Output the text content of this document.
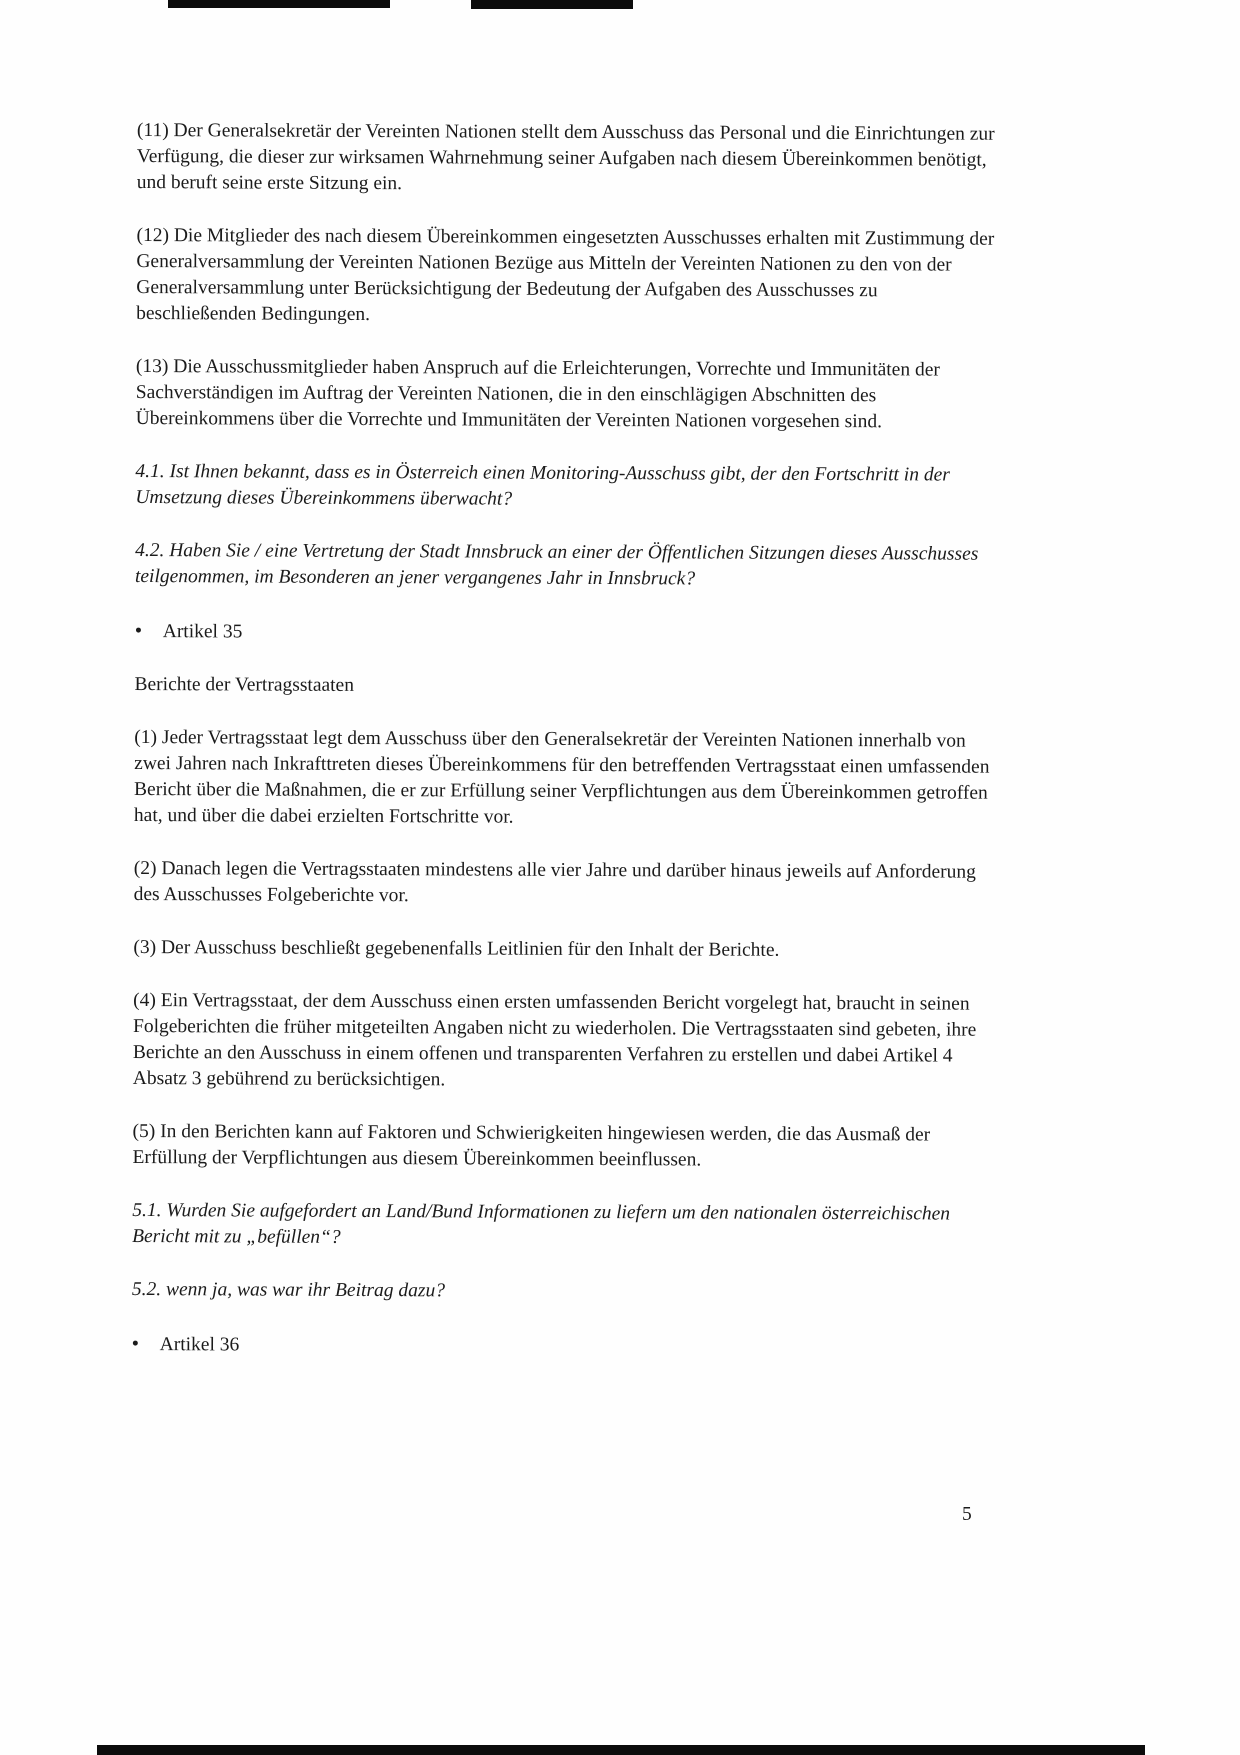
(11) Der Generalsekretär der Vereinten Nationen stellt dem Ausschuss das Personal und die Einrichtungen zur Verfügung, die dieser zur wirksamen Wahrnehmung seiner Aufgaben nach diesem Übereinkommen benötigt, und beruft seine erste Sitzung ein.

(12) Die Mitglieder des nach diesem Übereinkommen eingesetzten Ausschusses erhalten mit Zustimmung der Generalversammlung der Vereinten Nationen Bezüge aus Mitteln der Vereinten Nationen zu den von der Generalversammlung unter Berücksichtigung der Bedeutung der Aufgaben des Ausschusses zu beschließenden Bedingungen.

(13) Die Ausschussmitglieder haben Anspruch auf die Erleichterungen, Vorrechte und Immunitäten der Sachverständigen im Auftrag der Vereinten Nationen, die in den einschlägigen Abschnitten des Übereinkommens über die Vorrechte und Immunitäten der Vereinten Nationen vorgesehen sind.

4.1. Ist Ihnen bekannt, dass es in Österreich einen Monitoring-Ausschuss gibt, der den Fortschritt in der Umsetzung dieses Übereinkommens überwacht?

4.2. Haben Sie / eine Vertretung der Stadt Innsbruck an einer der Öffentlichen Sitzungen dieses Ausschusses teilgenommen, im Besonderen an jener vergangenes Jahr in Innsbruck?

•	Artikel 35

Berichte der Vertragsstaaten

(1) Jeder Vertragsstaat legt dem Ausschuss über den Generalsekretär der Vereinten Nationen innerhalb von zwei Jahren nach Inkrafttreten dieses Übereinkommens für den betreffenden Vertragsstaat einen umfassenden Bericht über die Maßnahmen, die er zur Erfüllung seiner Verpflichtungen aus dem Übereinkommen getroffen hat, und über die dabei erzielten Fortschritte vor.

(2) Danach legen die Vertragsstaaten mindestens alle vier Jahre und darüber hinaus jeweils auf Anforderung des Ausschusses Folgeberichte vor.

(3) Der Ausschuss beschließt gegebenenfalls Leitlinien für den Inhalt der Berichte.

(4) Ein Vertragsstaat, der dem Ausschuss einen ersten umfassenden Bericht vorgelegt hat, braucht in seinen Folgeberichten die früher mitgeteilten Angaben nicht zu wiederholen. Die Vertragsstaaten sind gebeten, ihre Berichte an den Ausschuss in einem offenen und transparenten Verfahren zu erstellen und dabei Artikel 4 Absatz 3 gebührend zu berücksichtigen.

(5) In den Berichten kann auf Faktoren und Schwierigkeiten hingewiesen werden, die das Ausmaß der Erfüllung der Verpflichtungen aus diesem Übereinkommen beeinflussen.

5.1. Wurden Sie aufgefordert an Land/Bund Informationen zu liefern um den nationalen österreichischen Bericht mit zu „befüllen“?

5.2. wenn ja, was war ihr Beitrag dazu?

•	Artikel 36
5
